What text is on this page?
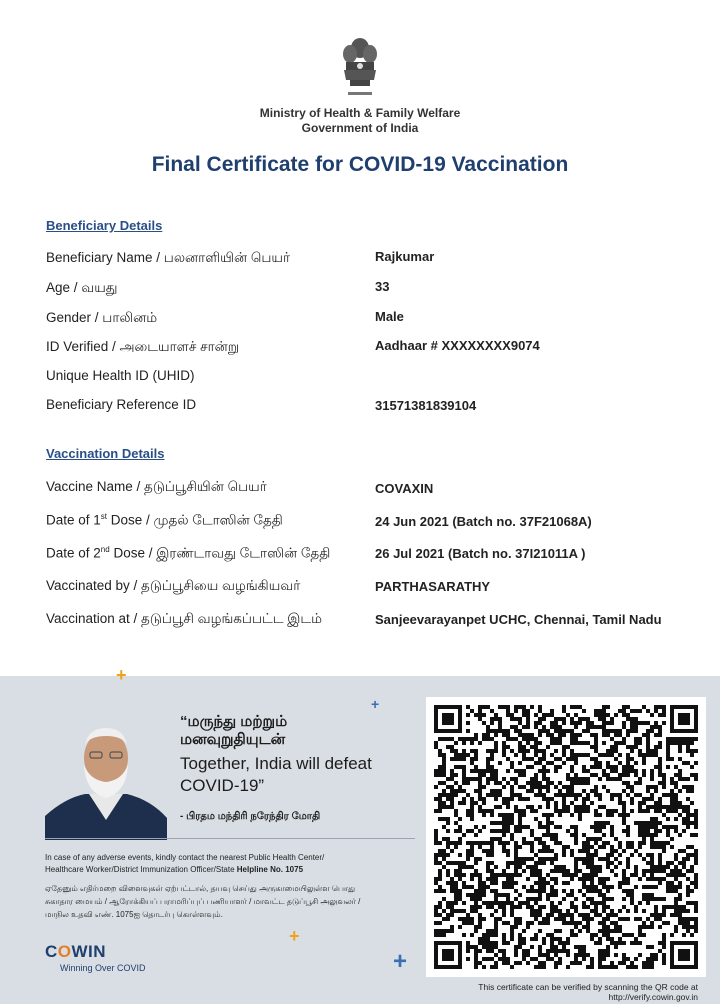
Ministry of Health & Family Welfare
Government of India
Final Certificate for COVID-19 Vaccination
Beneficiary Details
Beneficiary Name / பலனாளியின் பெயர்	Rajkumar
Age / வயது	33
Gender / பாலினம்	Male
ID Verified / அடையாளச் சான்று	Aadhaar # XXXXXXXX9074
Unique Health ID (UHID)
Beneficiary Reference ID	31571381839104
Vaccination Details
Vaccine Name / தடுப்பூசியின் பெயர்	COVAXIN
Date of 1st Dose / முதல் டோஸின் தேதி	24 Jun 2021 (Batch no. 37F21068A)
Date of 2nd Dose / இரண்டாவது டோஸின் தேதி	26 Jul 2021 (Batch no. 37I21011A )
Vaccinated by / தடுப்பூசியை வழங்கியவர்	PARTHASARATHY
Vaccination at / தடுப்பூசி வழங்கப்பட்ட இடம்	Sanjeevarayanpet UCHC, Chennai, Tamil Nadu
+
+
+
+
“மருந்து மற்றும்
மனவுறுதியுடன்
Together, India will defeat
COVID-19”
- பிரதம மந்திரி நரேந்திர மோதி
In case of any adverse events, kindly contact the nearest Public Health Center/
Healthcare Worker/District Immunization Officer/State Helpline No. 1075
ஏதேனும் எதிர்மறை விளைவுகள் ஏற்பட்டால், தயவு செய்து அருகாமையிலுள்ள பொது
சுகாதார மையம் / ஆரோக்கியப் பராமரிப்புப் பணியாளர் / மாவட்ட தடுப்பூசி அலுவலர் /
மாநில உதவி எண். 1075ஐ தொடர்பு கொள்ளவும்.
COWIN
Winning Over COVID
This certificate can be verified by scanning the QR code at
http://verify.cowin.gov.in
